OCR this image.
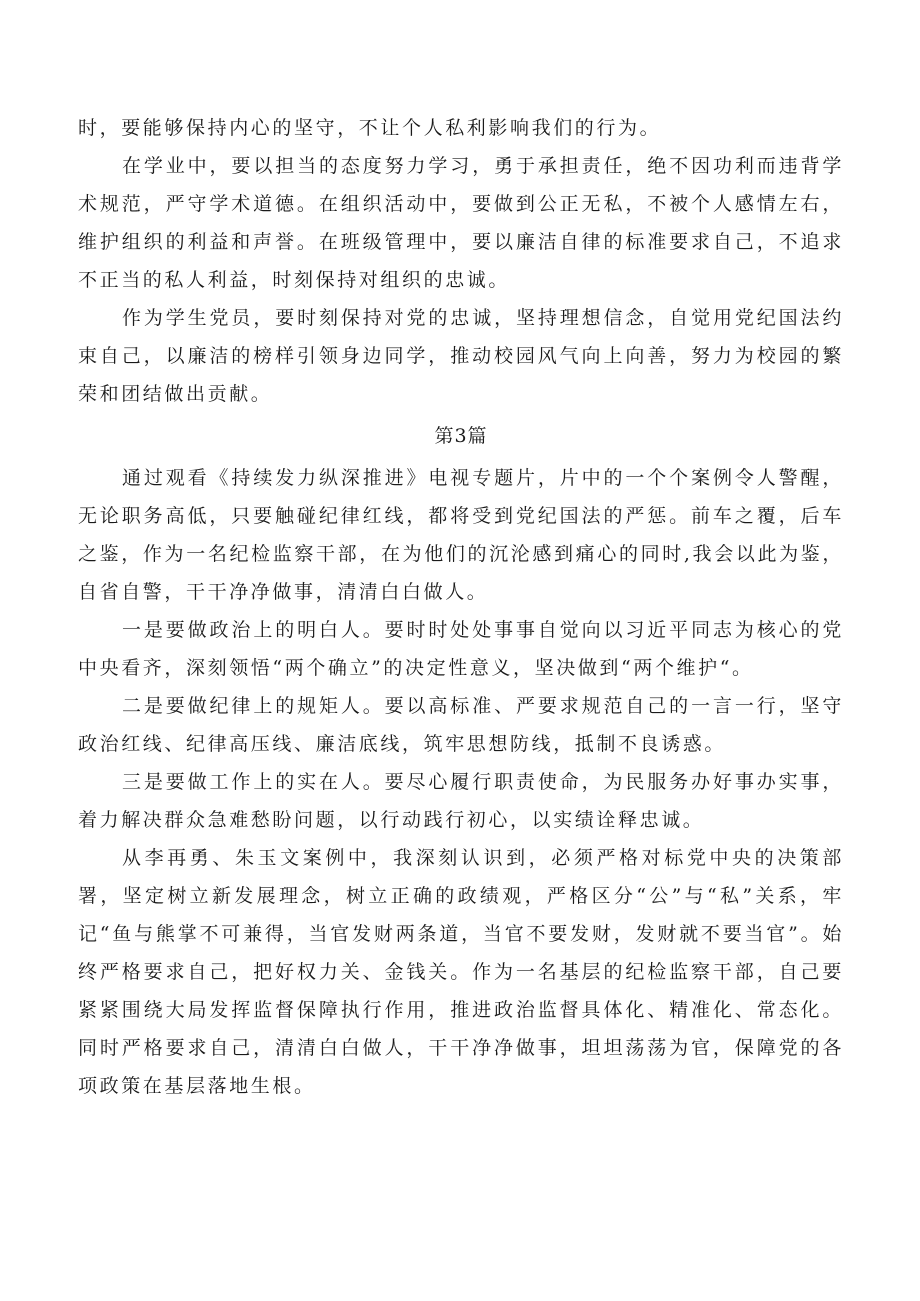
时，要能够保持内心的坚守，不让个人私利影响我们的行为。

在学业中，要以担当的态度努力学习，勇于承担责任，绝不因功利而违背学术规范，严守学术道德。在组织活动中，要做到公正无私，不被个人感情左右，维护组织的利益和声誉。在班级管理中，要以廉洁自律的标准要求自己，不追求不正当的私人利益，时刻保持对组织的忠诚。

作为学生党员，要时刻保持对党的忠诚，坚持理想信念，自觉用党纪国法约束自己，以廉洁的榜样引领身边同学，推动校园风气向上向善，努力为校园的繁荣和团结做出贡献。

第3篇

通过观看《持续发力纵深推进》电视专题片，片中的一个个案例令人警醒，无论职务高低，只要触碰纪律红线，都将受到党纪国法的严惩。前车之覆，后车之鉴，作为一名纪检监察干部，在为他们的沉沦感到痛心的同时,我会以此为鉴，自省自警，干干净净做事，清清白白做人。

一是要做政治上的明白人。要时时处处事事自觉向以习近平同志为核心的党中央看齐，深刻领悟“两个确立”的决定性意义，坚决做到“两个维护“。

二是要做纪律上的规矩人。要以高标准、严要求规范自己的一言一行，坚守政治红线、纪律高压线、廉洁底线，筑牢思想防线，抵制不良诱惑。

三是要做工作上的实在人。要尽心履行职责使命，为民服务办好事办实事，着力解决群众急难愁盼问题，以行动践行初心，以实绩诠释忠诚。

从李再勇、朱玉文案例中，我深刻认识到，必须严格对标党中央的决策部署，坚定树立新发展理念，树立正确的政绩观，严格区分“公”与“私”关系，牢记“鱼与熊掌不可兼得，当官发财两条道，当官不要发财，发财就不要当官”。始终严格要求自己，把好权力关、金钱关。作为一名基层的纪检监察干部，自己要紧紧围绕大局发挥监督保障执行作用，推进政治监督具体化、精准化、常态化。同时严格要求自己，清清白白做人，干干净净做事，坦坦荡荡为官，保障党的各项政策在基层落地生根。
